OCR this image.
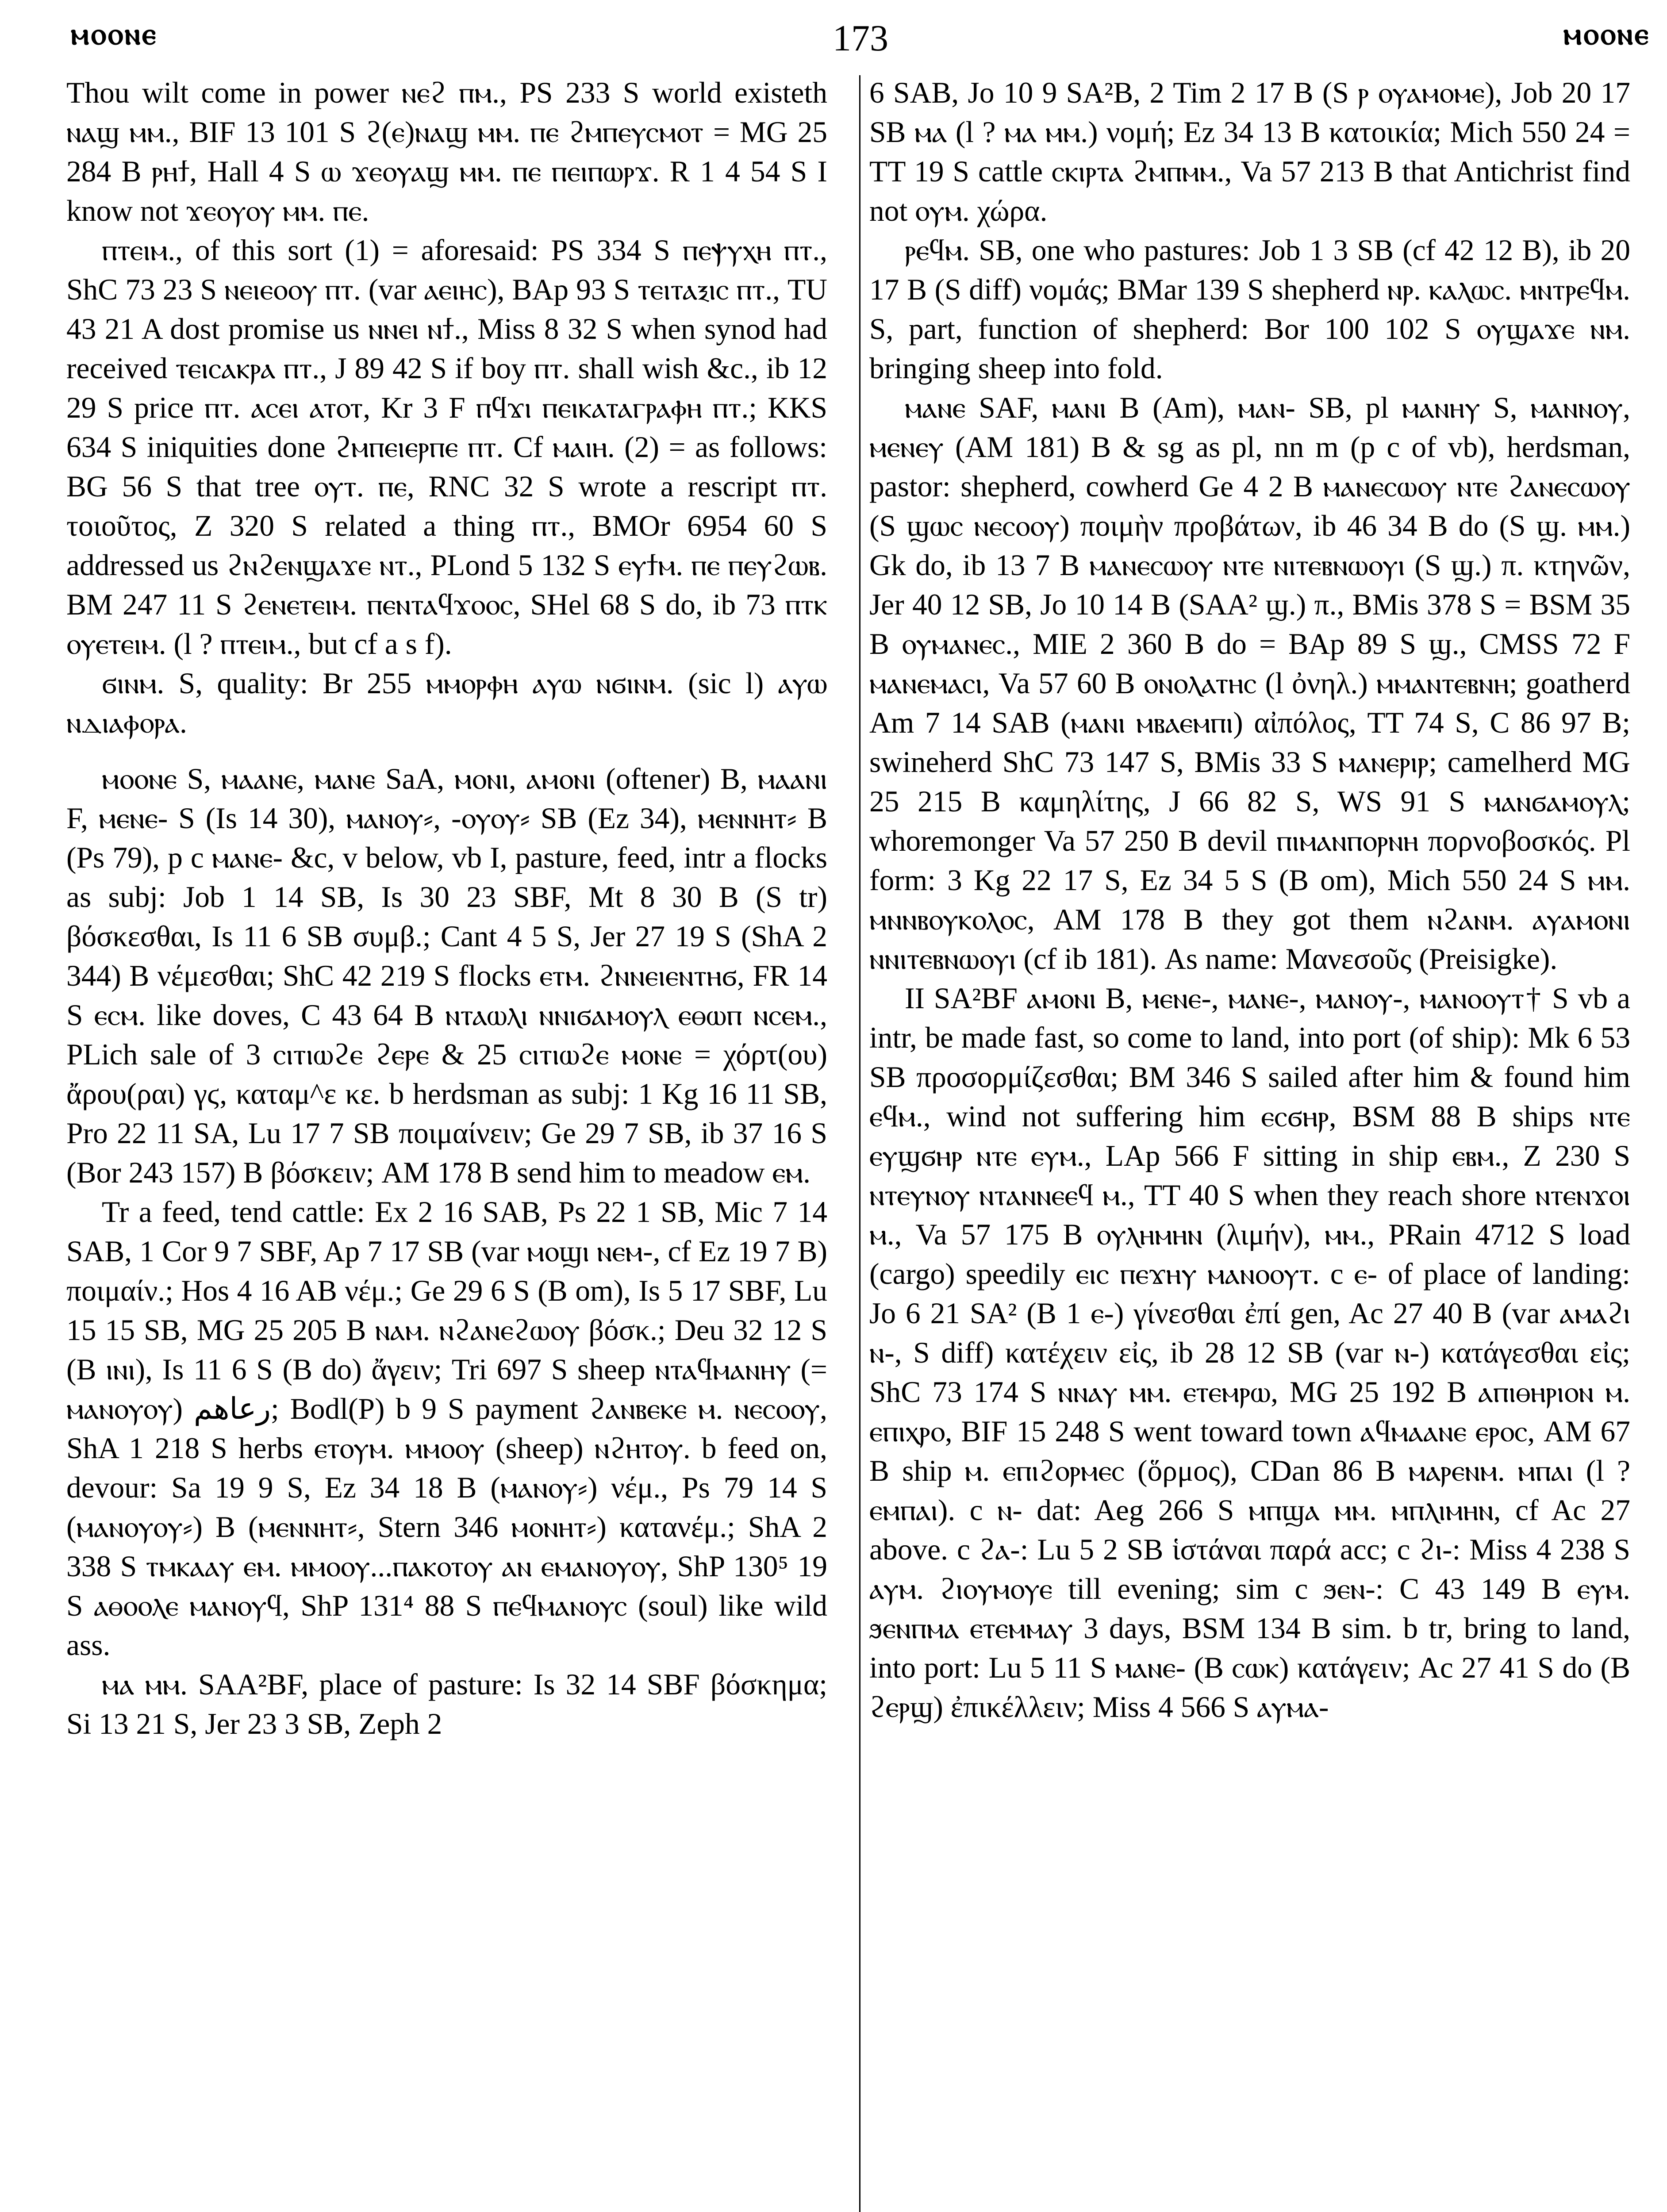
ⲙⲟⲟⲛⲉ	173	ⲙⲟⲟⲛⲉ

Thou wilt come in power ⲛⲉϩ ⲡⲙ., PS 233 S world existeth ⲛⲁϣ ⲙⲙ., BIF 13 101 S ϩ(ⲉ)ⲛⲁϣ ⲙⲙ. ⲡⲉ ϩⲙⲡⲉⲩⲥⲙⲟⲧ = MG 25 284 B ⲣⲏϯ, Hall 4 S ⲱ ϫⲉⲟⲩⲁϣ ⲙⲙ. ⲡⲉ ⲡⲉⲓⲡⲱⲣϫ. R 1 4 54 S I know not ϫⲉⲟⲩⲟⲩ ⲙⲙ. ⲡⲉ.

ⲡⲧⲉⲓⲙ., of this sort (1) = aforesaid: PS 334 S ⲡⲉⲯⲩⲭⲏ ⲡⲧ., ShC 73 23 S ⲛⲉⲓⲉⲟⲟⲩ ⲡⲧ. (var ⲁⲉⲓⲏⲥ), BAp 93 S ⲧⲉⲓⲧⲁⲝⲓⲥ ⲡⲧ., TU 43 21 A dost promise us ⲛⲛⲉⲓ ⲛϯ., Miss 8 32 S when synod had received ⲧⲉⲓⲥⲁⲕⲣⲁ ⲡⲧ., J 89 42 S if boy ⲡⲧ. shall wish &c., ib 12 29 S price ⲡⲧ. ⲁⲥⲉⲓ ⲁⲧⲟⲧ, Kr 3 F ⲡϥϫⲓ ⲡⲉⲓⲕⲁⲧⲁⲅⲣⲁⲫⲏ ⲡⲧ.; KKS 634 S iniquities done ϩⲙⲡⲉⲓⲉⲣⲡⲉ ⲡⲧ. Cf ⲙⲁⲓⲏ. (2) = as follows: BG 56 S that tree ⲟⲩⲧ. ⲡⲉ, RNC 32 S wrote a rescript ⲡⲧ. τοιοῦτος, Z 320 S related a thing ⲡⲧ., BMOr 6954 60 S addressed us ϩⲛϩⲉⲛϣⲁϫⲉ ⲛⲧ., PLond 5 132 S ⲉⲩϯⲙ. ⲡⲉ ⲡⲉⲩϩⲱⲃ. BM 247 11 S ϩⲉⲛⲉⲧⲉⲓⲙ. ⲡⲉⲛⲧⲁϥϫⲟⲟⲥ, SHel 68 S do, ib 73 ⲡⲧⲕ ⲟⲩⲉⲧⲉⲓⲙ. (l ? ⲡⲧⲉⲓⲙ., but cf a s f).

ϭⲓⲛⲙ. S, quality: Br 255 ⲙⲙⲟⲣⲫⲏ ⲁⲩⲱ ⲛϭⲓⲛⲙ. (sic l) ⲁⲩⲱ ⲛⲇⲓⲁⲫⲟⲣⲁ.

ⲙⲟⲟⲛⲉ S, ⲙⲁⲁⲛⲉ, ⲙⲁⲛⲉ SaA, ⲙⲟⲛⲓ, ⲁⲙⲟⲛⲓ (oftener) B, ⲙⲁⲁⲛⲓ F, ⲙⲉⲛⲉ- S (Is 14 30), ⲙⲁⲛⲟⲩ⸗, -ⲟⲩⲟⲩ⸗ SB (Ez 34), ⲙⲉⲛⲛⲏⲧ⸗ B (Ps 79), p c ⲙⲁⲛⲉ- &c, v below, vb I, pasture, feed, intr a flocks as subj: Job 1 14 SB, Is 30 23 SBF, Mt 8 30 B (S tr) βόσκεσθαι, Is 11 6 SB συμβ.; Cant 4 5 S, Jer 27 19 S (ShA 2 344) B νέμεσθαι; ShC 42 219 S flocks ⲉⲧⲙ. ϩⲛⲛⲉⲓⲉⲛⲧⲏϭ, FR 14 S ⲉⲥⲙ. like doves, C 43 64 B ⲛⲧⲁⲱⲗⲓ ⲛⲛⲓϭⲁⲙⲟⲩⲗ ⲉⲑⲱⲡ ⲛⲥⲉⲙ., PLich sale of 3 ⲥⲓⲧⲓⲱϩⲉ ϩⲉⲣⲉ & 25 ⲥⲓⲧⲓⲱϩⲉ ⲙⲟⲛⲉ = χόρτ(ου) ἄρου(ραι) γϛ, καταμ^ε κε. b herdsman as subj: 1 Kg 16 11 SB, Pro 22 11 SA, Lu 17 7 SB ποιμαίνειν; Ge 29 7 SB, ib 37 16 S (Bor 243 157) B βόσκειν; AM 178 B send him to meadow ⲉⲙ.

Tr a feed, tend cattle: Ex 2 16 SAB, Ps 22 1 SB, Mic 7 14 SAB, 1 Cor 9 7 SBF, Ap 7 17 SB (var ⲙⲟϣⲓ ⲛⲉⲙ-, cf Ez 19 7 B) ποιμαίν.; Hos 4 16 AB νέμ.; Ge 29 6 S (B om), Is 5 17 SBF, Lu 15 15 SB, MG 25 205 B ⲛⲁⲙ. ⲛϩⲁⲛⲉϩⲱⲟⲩ βόσκ.; Deu 32 12 S (B ⲓⲛⲓ), Is 11 6 S (B do) ἄγειν; Tri 697 S sheep ⲛⲧⲁϥⲙⲁⲛⲏⲩ (= ⲙⲁⲛⲟⲩⲟⲩ) رعاهم; Bodl(P) b 9 S payment ϩⲁⲛⲃⲉⲕⲉ ⲙ. ⲛⲉⲥⲟⲟⲩ, ShA 1 218 S herbs ⲉⲧⲟⲩⲙ. ⲙⲙⲟⲟⲩ (sheep) ⲛϩⲏⲧⲟⲩ. b feed on, devour: Sa 19 9 S, Ez 34 18 B (ⲙⲁⲛⲟⲩ⸗) νέμ., Ps 79 14 S (ⲙⲁⲛⲟⲩⲟⲩ⸗) B (ⲙⲉⲛⲛⲏⲧ⸗, Stern 346 ⲙⲟⲛⲏⲧ⸗) κατανέμ.; ShA 2 338 S ⲧⲙⲕⲁⲁⲩ ⲉⲙ. ⲙⲙⲟⲟⲩ...ⲡⲁⲕⲟⲧⲟⲩ ⲁⲛ ⲉⲙⲁⲛⲟⲩⲟⲩ, ShP 130⁵ 19 S ⲁⲑⲟⲟⲗⲉ ⲙⲁⲛⲟⲩϥ, ShP 131⁴ 88 S ⲡⲉϥⲙⲁⲛⲟⲩⲥ (soul) like wild ass.

ⲙⲁ ⲙⲙ. SAA²BF, place of pasture: Is 32 14 SBF βόσκημα; Si 13 21 S, Jer 23 3 SB, Zeph 2

6 SAB, Jo 10 9 SA²B, 2 Tim 2 17 B (S ⲣ ⲟⲩⲁⲙⲟⲙⲉ), Job 20 17 SB ⲙⲁ (l ? ⲙⲁ ⲙⲙ.) νομή; Ez 34 13 B κατοικία; Mich 550 24 = TT 19 S cattle ⲥⲕⲓⲣⲧⲁ ϩⲙⲡⲙⲙ., Va 57 213 B that Antichrist find not ⲟⲩⲙ. χώρα.

ⲣⲉϥⲙ. SB, one who pastures: Job 1 3 SB (cf 42 12 B), ib 20 17 B (S diff) νομάς; BMar 139 S shepherd ⲛⲣ. ⲕⲁⲗⲱⲥ. ⲙⲛⲧⲣⲉϥⲙ. S, part, function of shepherd: Bor 100 102 S ⲟⲩϣⲁϫⲉ ⲛⲙ. bringing sheep into fold.

ⲙⲁⲛⲉ SAF, ⲙⲁⲛⲓ B (Am), ⲙⲁⲛ- SB, pl ⲙⲁⲛⲏⲩ S, ⲙⲁⲛⲛⲟⲩ, ⲙⲉⲛⲉⲩ (AM 181) B & sg as pl, nn m (p c of vb), herdsman, pastor: shepherd, cowherd Ge 4 2 B ⲙⲁⲛⲉⲥⲱⲟⲩ ⲛⲧⲉ ϩⲁⲛⲉⲥⲱⲟⲩ (S ϣⲱⲥ ⲛⲉⲥⲟⲟⲩ) ποιμὴν προβάτων, ib 46 34 B do (S ϣ. ⲙⲙ.) Gk do, ib 13 7 B ⲙⲁⲛⲉⲥⲱⲟⲩ ⲛⲧⲉ ⲛⲓⲧⲉⲃⲛⲱⲟⲩⲓ (S ϣ.) π. κτηνῶν, Jer 40 12 SB, Jo 10 14 B (SAA² ϣ.) π., BMis 378 S = BSM 35 B ⲟⲩⲙⲁⲛⲉⲥ., MIE 2 360 B do = BAp 89 S ϣ., CMSS 72 F ⲙⲁⲛⲉⲙⲁⲥⲓ, Va 57 60 B ⲟⲛⲟⲗⲁⲧⲏⲥ (l ὀνηλ.) ⲙⲙⲁⲛⲧⲉⲃⲛⲏ; goatherd Am 7 14 SAB (ⲙⲁⲛⲓ ⲙⲃⲁⲉⲙⲡⲓ) αἰπόλος, TT 74 S, C 86 97 B; swineherd ShC 73 147 S, BMis 33 S ⲙⲁⲛⲉⲣⲓⲣ; camelherd MG 25 215 B καμηλίτης, J 66 82 S, WS 91 S ⲙⲁⲛϭⲁⲙⲟⲩⲗ; whoremonger Va 57 250 B devil ⲡⲓⲙⲁⲛⲡⲟⲣⲛⲏ πορνοβοσκός. Pl form: 3 Kg 22 17 S, Ez 34 5 S (B om), Mich 550 24 S ⲙⲙ. ⲙⲛⲛⲃⲟⲩⲕⲟⲗⲟⲥ, AM 178 B they got them ⲛϩⲁⲛⲙ. ⲁⲩⲁⲙⲟⲛⲓ ⲛⲛⲓⲧⲉⲃⲛⲱⲟⲩⲓ (cf ib 181). As name: Μανεσοῦς (Preisigke).

II SA²BF ⲁⲙⲟⲛⲓ B, ⲙⲉⲛⲉ-, ⲙⲁⲛⲉ-, ⲙⲁⲛⲟⲩ-, ⲙⲁⲛⲟⲟⲩⲧ† S vb a intr, be made fast, so come to land, into port (of ship): Mk 6 53 SB προσορμίζεσθαι; BM 346 S sailed after him & found him ⲉϥⲙ., wind not suffering him ⲉⲥϭⲏⲣ, BSM 88 B ships ⲛⲧⲉ ⲉⲩϣϭⲏⲣ ⲛⲧⲉ ⲉⲩⲙ., LAp 566 F sitting in ship ⲉⲃⲙ., Z 230 S ⲛⲧⲉⲩⲛⲟⲩ ⲛⲧⲁⲛⲛⲉⲉϥ ⲙ., TT 40 S when they reach shore ⲛⲧⲉⲛϫⲟⲓ ⲙ., Va 57 175 B ⲟⲩⲗⲏⲙⲏⲛ (λιμήν), ⲙⲙ., PRain 4712 S load (cargo) speedily ⲉⲓⲥ ⲡⲉϫⲏⲩ ⲙⲁⲛⲟⲟⲩⲧ. c ⲉ- of place of landing: Jo 6 21 SA² (B 1 ⲉ-) γίνεσθαι ἐπί gen, Ac 27 40 B (var ⲁⲙⲁϩⲓ ⲛ-, S diff) κατέχειν εἰς, ib 28 12 SB (var ⲛ-) κατάγεσθαι εἰς; ShC 73 174 S ⲛⲛⲁⲩ ⲙⲙ. ⲉⲧⲉⲙⲣⲱ, MG 25 192 B ⲁⲡⲓⲑⲏⲣⲓⲟⲛ ⲙ. ⲉⲡⲓⲭⲣⲟ, BIF 15 248 S went toward town ⲁϥⲙⲁⲁⲛⲉ ⲉⲣⲟⲥ, AM 67 B ship ⲙ. ⲉⲡⲓϩⲟⲣⲙⲉⲥ (ὅρμος), CDan 86 B ⲙⲁⲣⲉⲛⲙ. ⲙⲡⲁⲓ (l ? ⲉⲙⲡⲁⲓ). c ⲛ- dat: Aeg 266 S ⲙⲡϣⲁ ⲙⲙ. ⲙⲡⲗⲓⲙⲏⲛ, cf Ac 27 above. c ϩⲁ-: Lu 5 2 SB ἱστάναι παρά acc; c ϩⲓ-: Miss 4 238 S ⲁⲩⲙ. ϩⲓⲟⲩⲙⲟⲩⲉ till evening; sim c ϧⲉⲛ-: C 43 149 B ⲉⲩⲙ. ϧⲉⲛⲡⲙⲁ ⲉⲧⲉⲙⲙⲁⲩ 3 days, BSM 134 B sim. b tr, bring to land, into port: Lu 5 11 S ⲙⲁⲛⲉ- (B ⲥⲱⲕ) κατάγειν; Ac 27 41 S do (B ϩⲉⲣϣ) ἐπικέλλειν; Miss 4 566 S ⲁⲩⲙⲁ-
